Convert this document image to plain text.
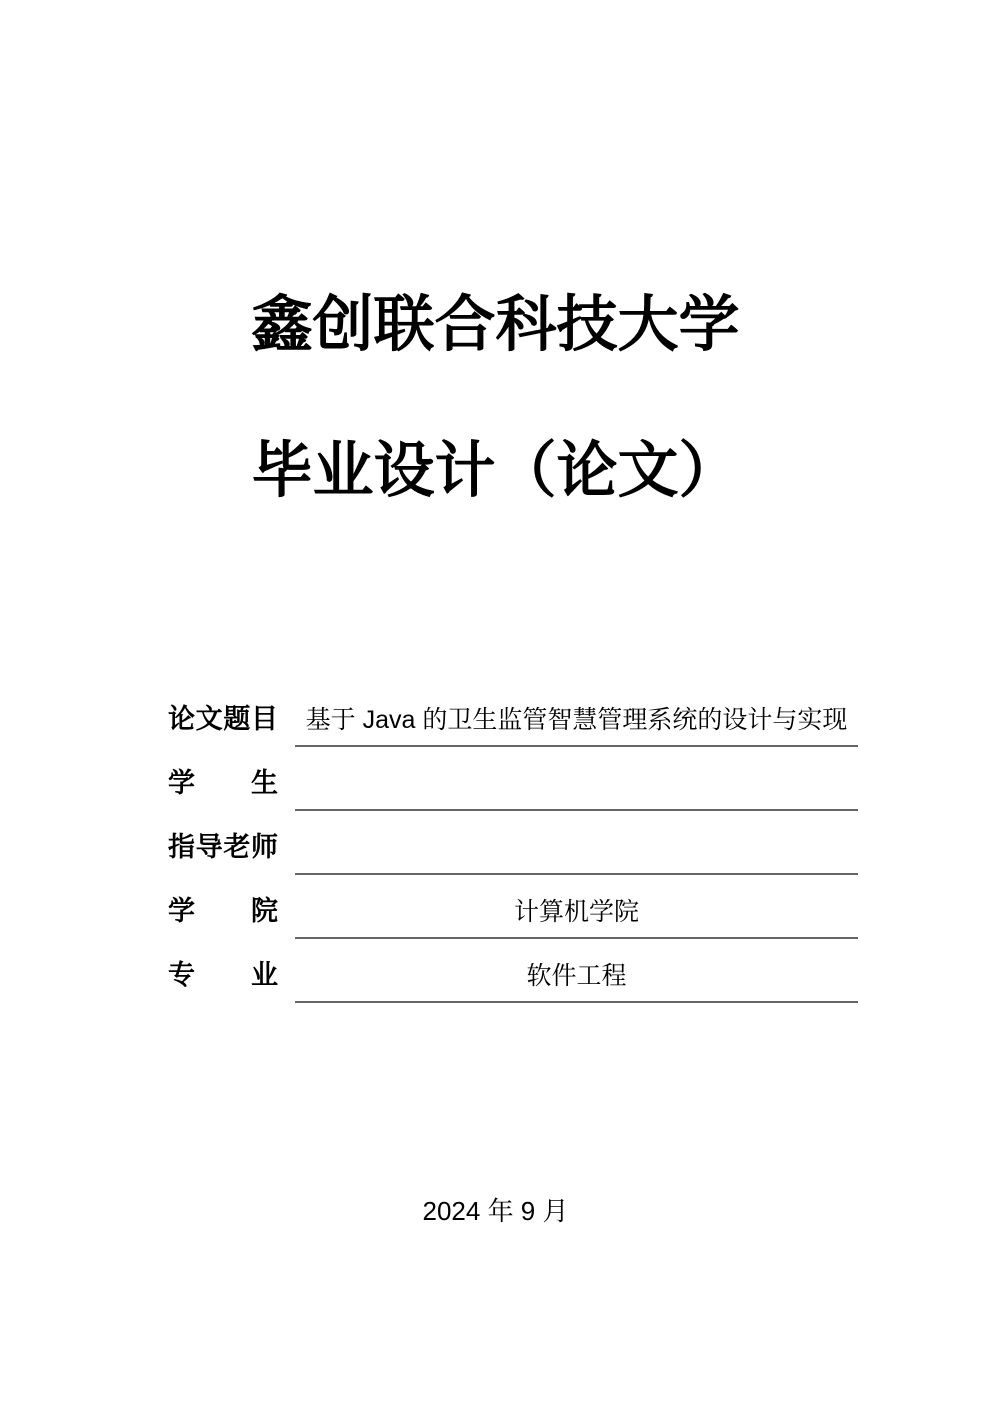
鑫创联合科技大学
毕业设计（论文）
论文题目 基于 Java 的卫生监管智慧管理系统的设计与实现
学 生
指导老师
学 院	计算机学院
专 业	软件工程
2024 年 9 月
